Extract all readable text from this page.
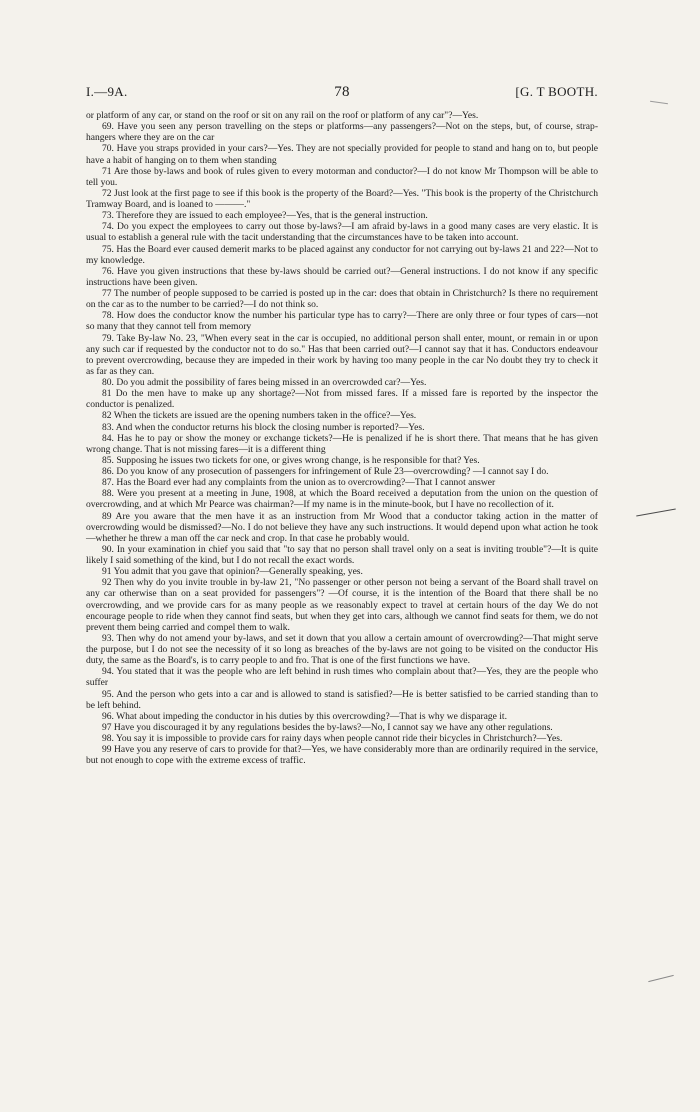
I.—9A.	78	[G. T BOOTH.

or platform of any car, or stand on the roof or sit on any rail on the roof or platform of any car"?—Yes.

69. Have you seen any person travelling on the steps or platforms—any passengers?—Not on the steps, but, of course, strap-hangers where they are on the car

70. Have you straps provided in your cars?—Yes. They are not specially provided for people to stand and hang on to, but people have a habit of hanging on to them when standing

71 Are those by-laws and book of rules given to every motorman and conductor?—I do not know Mr Thompson will be able to tell you.

72 Just look at the first page to see if this book is the property of the Board?—Yes. "This book is the property of the Christchurch Tramway Board, and is loaned to ———."

73. Therefore they are issued to each employee?—Yes, that is the general instruction.

74. Do you expect the employees to carry out those by-laws?—I am afraid by-laws in a good many cases are very elastic. It is usual to establish a general rule with the tacit understanding that the circumstances have to be taken into account.

75. Has the Board ever caused demerit marks to be placed against any conductor for not carrying out by-laws 21 and 22?—Not to my knowledge.

76. Have you given instructions that these by-laws should be carried out?—General instructions. I do not know if any specific instructions have been given.

77 The number of people supposed to be carried is posted up in the car: does that obtain in Christchurch? Is there no requirement on the car as to the number to be carried?—I do not think so.

78. How does the conductor know the number his particular type has to carry?—There are only three or four types of cars—not so many that they cannot tell from memory

79. Take By-law No. 23, "When every seat in the car is occupied, no additional person shall enter, mount, or remain in or upon any such car if requested by the conductor not to do so." Has that been carried out?—I cannot say that it has. Conductors endeavour to prevent overcrowding, because they are impeded in their work by having too many people in the car No doubt they try to check it as far as they can.

80. Do you admit the possibility of fares being missed in an overcrowded car?—Yes.

81 Do the men have to make up any shortage?—Not from missed fares. If a missed fare is reported by the inspector the conductor is penalized.

82 When the tickets are issued are the opening numbers taken in the office?—Yes.

83. And when the conductor returns his block the closing number is reported?—Yes.

84. Has he to pay or show the money or exchange tickets?—He is penalized if he is short there. That means that he has given wrong change. That is not missing fares—it is a different thing

85. Supposing he issues two tickets for one, or gives wrong change, is he responsible for that? Yes.

86. Do you know of any prosecution of passengers for infringement of Rule 23—overcrowding? —I cannot say I do.

87. Has the Board ever had any complaints from the union as to overcrowding?—That I cannot answer

88. Were you present at a meeting in June, 1908, at which the Board received a deputation from the union on the question of overcrowding, and at which Mr Pearce was chairman?—If my name is in the minute-book, but I have no recollection of it.

89 Are you aware that the men have it as an instruction from Mr Wood that a conductor taking action in the matter of overcrowding would be dismissed?—No. I do not believe they have any such instructions. It would depend upon what action he took—whether he threw a man off the car neck and crop. In that case he probably would.

90. In your examination in chief you said that "to say that no person shall travel only on a seat is inviting trouble"?—It is quite likely I said something of the kind, but I do not recall the exact words.

91 You admit that you gave that opinion?—Generally speaking, yes.

92 Then why do you invite trouble in by-law 21, "No passenger or other person not being a servant of the Board shall travel on any car otherwise than on a seat provided for passengers"? —Of course, it is the intention of the Board that there shall be no overcrowding, and we provide cars for as many people as we reasonably expect to travel at certain hours of the day We do not encourage people to ride when they cannot find seats, but when they get into cars, although we cannot find seats for them, we do not prevent them being carried and compel them to walk.

93. Then why do not amend your by-laws, and set it down that you allow a certain amount of overcrowding?—That might serve the purpose, but I do not see the necessity of it so long as breaches of the by-laws are not going to be visited on the conductor His duty, the same as the Board's, is to carry people to and fro. That is one of the first functions we have.

94. You stated that it was the people who are left behind in rush times who complain about that?—Yes, they are the people who suffer

95. And the person who gets into a car and is allowed to stand is satisfied?—He is better satisfied to be carried standing than to be left behind.

96. What about impeding the conductor in his duties by this overcrowding?—That is why we disparage it.

97 Have you discouraged it by any regulations besides the by-laws?—No, I cannot say we have any other regulations.

98. You say it is impossible to provide cars for rainy days when people cannot ride their bicycles in Christchurch?—Yes.

99 Have you any reserve of cars to provide for that?—Yes, we have considerably more than are ordinarily required in the service, but not enough to cope with the extreme excess of traffic.
